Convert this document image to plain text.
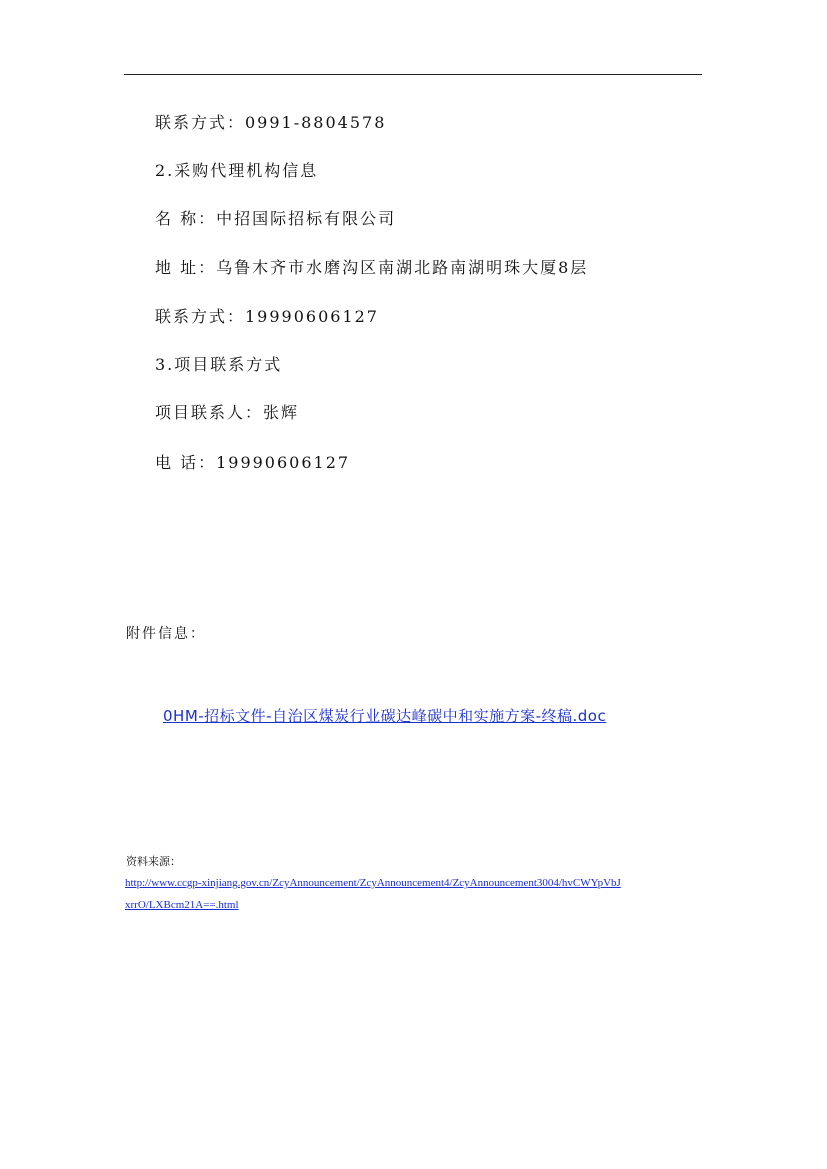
联系方式：0991-8804578
2.采购代理机构信息
名 称：中招国际招标有限公司
地 址：乌鲁木齐市水磨沟区南湖北路南湖明珠大厦8层
联系方式：19990606127
3.项目联系方式
项目联系人：张辉
电 话：19990606127
附件信息：
0HM-招标文件-自治区煤炭行业碳达峰碳中和实施方案-终稿.doc
资料来源：
http://www.ccgp-xinjiang.gov.cn/ZcyAnnouncement/ZcyAnnouncement4/ZcyAnnouncement3004/hvCWYpVbJ
xrrO/LXBcm21A==.html
